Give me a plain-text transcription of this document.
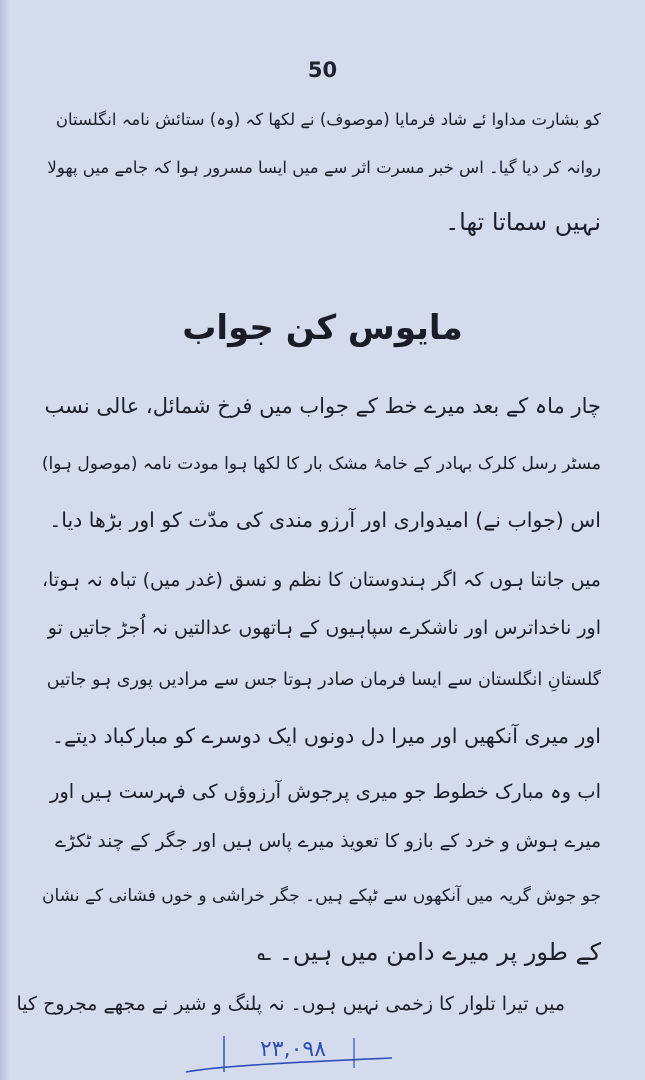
50
کو بشارت مداوا ئے شاد فرمایا (موصوف) نے لکھا کہ (وہ) ستائش نامہ انگلستان
روانہ کر دیا گیا۔ اس خبر مسرت اثر سے میں ایسا مسرور ہوا کہ جامے میں پھولا
نہیں سماتا تھا۔
مایوس کن جواب
چار ماہ کے بعد میرے خط کے جواب میں فرخ شمائل، عالی نسب
مسٹر رسل کلرک بہادر کے خامۂ مشک بار کا لکھا ہوا مودت نامہ (موصول ہوا)
اس (جواب نے) امیدواری اور آرزو مندی کی مدّت کو اور بڑھا دیا۔
میں جانتا ہوں کہ اگر ہندوستان کا نظم و نسق (غدر میں) تباہ نہ ہوتا،
اور ناخداترس اور ناشکرے سپاہیوں کے ہاتھوں عدالتیں نہ اُجڑ جاتیں تو
گلستانِ انگلستان سے ایسا فرمان صادر ہوتا جس سے مرادیں پوری ہو جاتیں
اور میری آنکھیں اور میرا دل دونوں ایک دوسرے کو مبارکباد دیتے۔
اب وہ مبارک خطوط جو میری پرجوش آرزوؤں کی فہرست ہیں اور
میرے ہوش و خرد کے بازو کا تعویذ میرے پاس ہیں اور جگر کے چند ٹکڑے
جو جوش گریہ میں آنکھوں سے ٹپکے ہیں۔ جگر خراشی و خوں فشانی کے نشان
کے طور پر میرے دامن میں ہیں۔ ؎
میں تیرا تلوار کا زخمی نہیں ہوں۔ نہ پلنگ و شیر نے مجھے مجروح کیا
۲۳,۰۹۸
